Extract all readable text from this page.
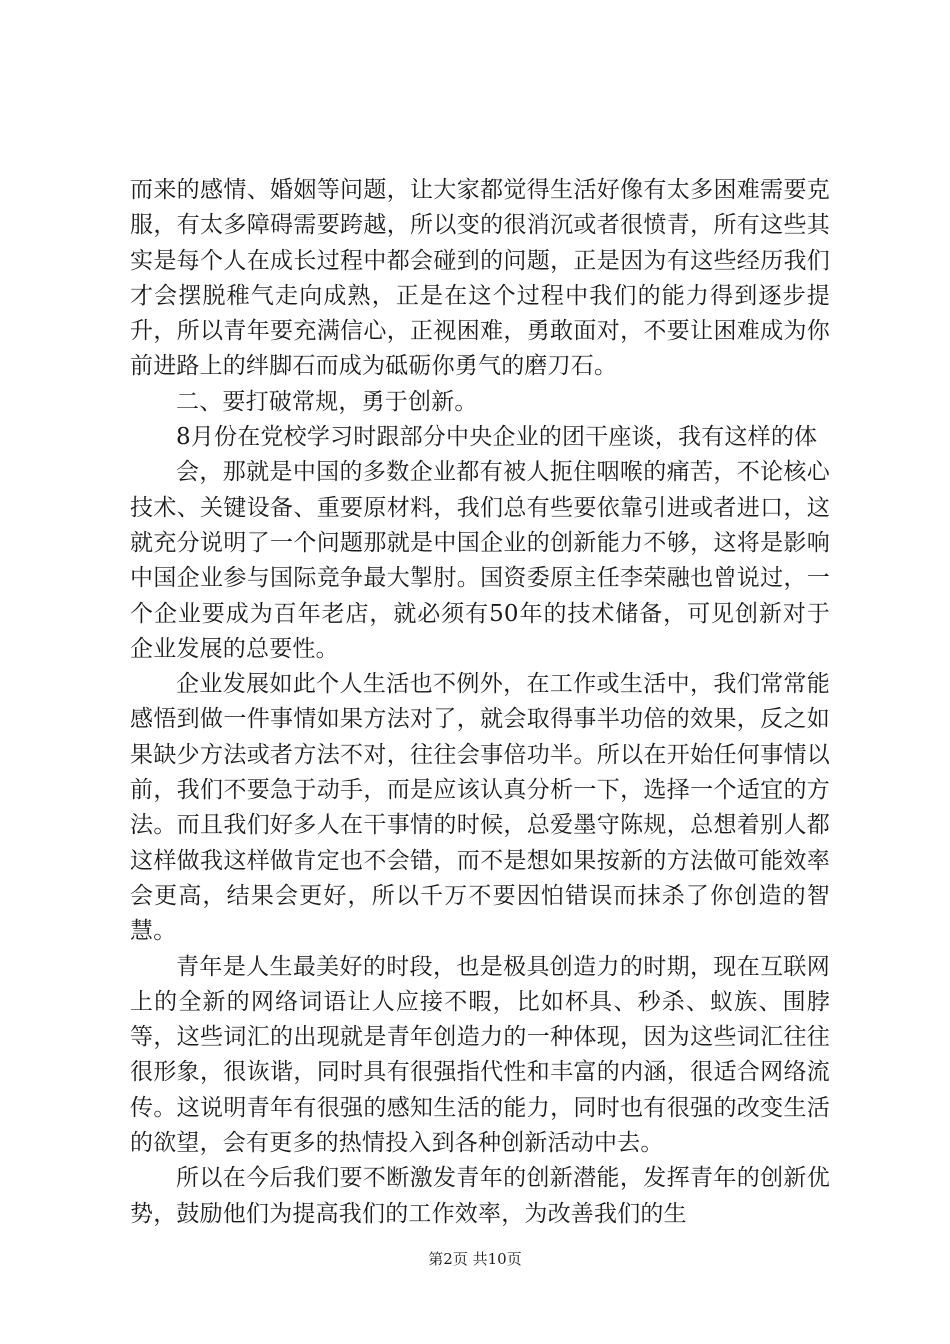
而来的感情、婚姻等问题，让大家都觉得生活好像有太多困难需要克服，有太多障碍需要跨越，所以变的很消沉或者很愤青，所有这些其实是每个人在成长过程中都会碰到的问题，正是因为有这些经历我们才会摆脱稚气走向成熟，正是在这个过程中我们的能力得到逐步提升，所以青年要充满信心，正视困难，勇敢面对，不要让困难成为你前进路上的绊脚石而成为砥砺你勇气的磨刀石。

二、要打破常规，勇于创新。

8月份在党校学习时跟部分中央企业的团干座谈，我有这样的体

会，那就是中国的多数企业都有被人扼住咽喉的痛苦，不论核心技术、关键设备、重要原材料，我们总有些要依靠引进或者进口，这就充分说明了一个问题那就是中国企业的创新能力不够，这将是影响中国企业参与国际竞争最大掣肘。国资委原主任李荣融也曾说过，一个企业要成为百年老店，就必须有50年的技术储备，可见创新对于企业发展的总要性。

企业发展如此个人生活也不例外，在工作或生活中，我们常常能感悟到做一件事情如果方法对了，就会取得事半功倍的效果，反之如果缺少方法或者方法不对，往往会事倍功半。所以在开始任何事情以前，我们不要急于动手，而是应该认真分析一下，选择一个适宜的方法。而且我们好多人在干事情的时候，总爱墨守陈规，总想着别人都这样做我这样做肯定也不会错，而不是想如果按新的方法做可能效率会更高，结果会更好，所以千万不要因怕错误而抹杀了你创造的智慧。

青年是人生最美好的时段，也是极具创造力的时期，现在互联网上的全新的网络词语让人应接不暇，比如杯具、秒杀、蚁族、围脖等，这些词汇的出现就是青年创造力的一种体现，因为这些词汇往往很形象，很诙谐，同时具有很强指代性和丰富的内涵，很适合网络流传。这说明青年有很强的感知生活的能力，同时也有很强的改变生活的欲望，会有更多的热情投入到各种创新活动中去。

所以在今后我们要不断激发青年的创新潜能，发挥青年的创新优势，鼓励他们为提高我们的工作效率，为改善我们的生

第2页 共10页
